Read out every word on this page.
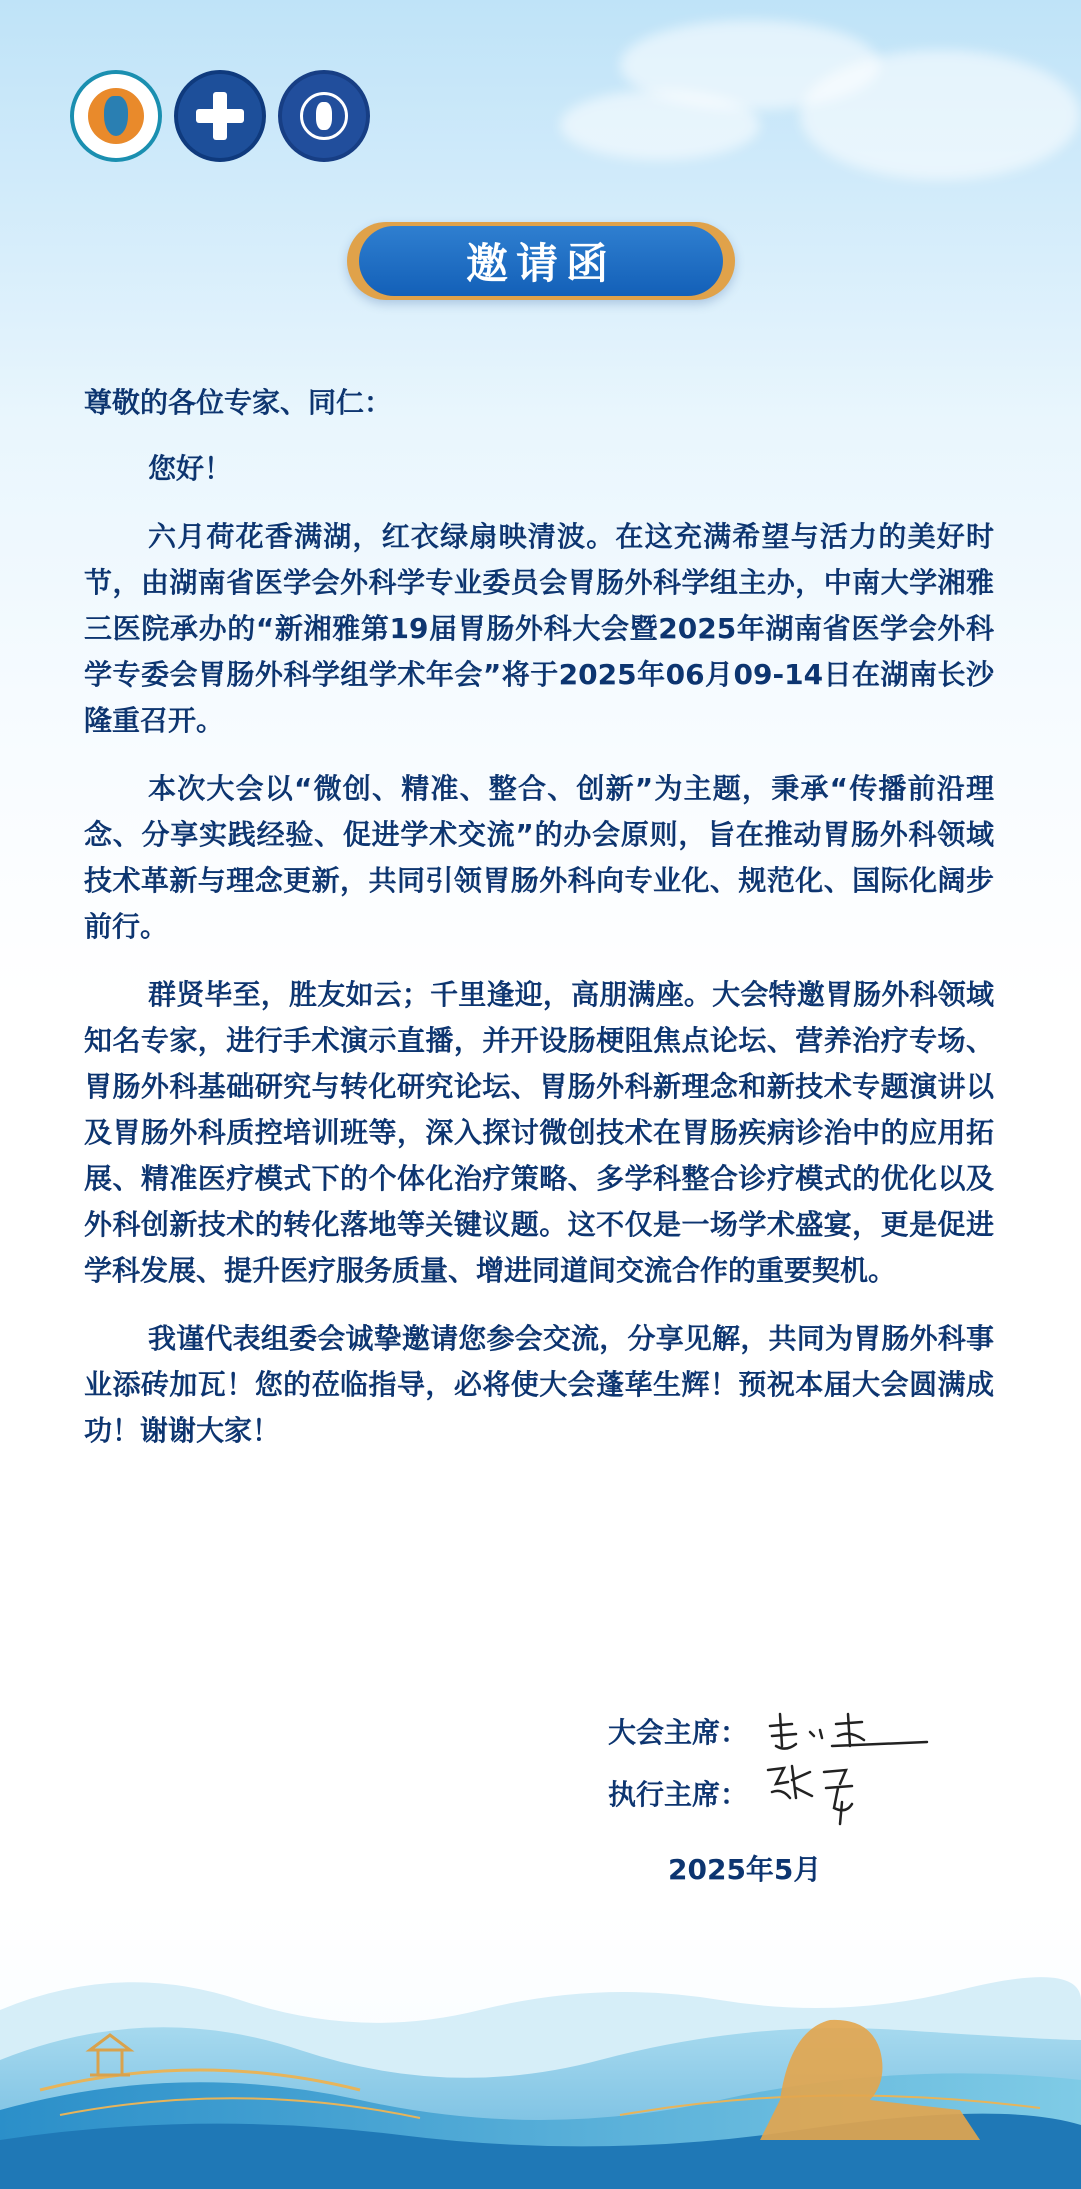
邀请函

尊敬的各位专家、同仁：

您好！

六月荷花香满湖，红衣绿扇映清波。在这充满希望与活力的美好时节，由湖南省医学会外科学专业委员会胃肠外科学组主办，中南大学湘雅三医院承办的“新湘雅第19届胃肠外科大会暨2025年湖南省医学会外科学专委会胃肠外科学组学术年会”将于2025年06月09-14日在湖南长沙隆重召开。

本次大会以“微创、精准、整合、创新”为主题，秉承“传播前沿理念、分享实践经验、促进学术交流”的办会原则，旨在推动胃肠外科领域技术革新与理念更新，共同引领胃肠外科向专业化、规范化、国际化阔步前行。

群贤毕至，胜友如云；千里逢迎，高朋满座。大会特邀胃肠外科领域知名专家，进行手术演示直播，并开设肠梗阻焦点论坛、营养治疗专场、胃肠外科基础研究与转化研究论坛、胃肠外科新理念和新技术专题演讲以及胃肠外科质控培训班等，深入探讨微创技术在胃肠疾病诊治中的应用拓展、精准医疗模式下的个体化治疗策略、多学科整合诊疗模式的优化以及外科创新技术的转化落地等关键议题。这不仅是一场学术盛宴，更是促进学科发展、提升医疗服务质量、增进同道间交流合作的重要契机。

我谨代表组委会诚挚邀请您参会交流，分享见解，共同为胃肠外科事业添砖加瓦！您的莅临指导，必将使大会蓬荜生辉！预祝本届大会圆满成功！谢谢大家！

大会主席：
执行主席：
2025年5月
